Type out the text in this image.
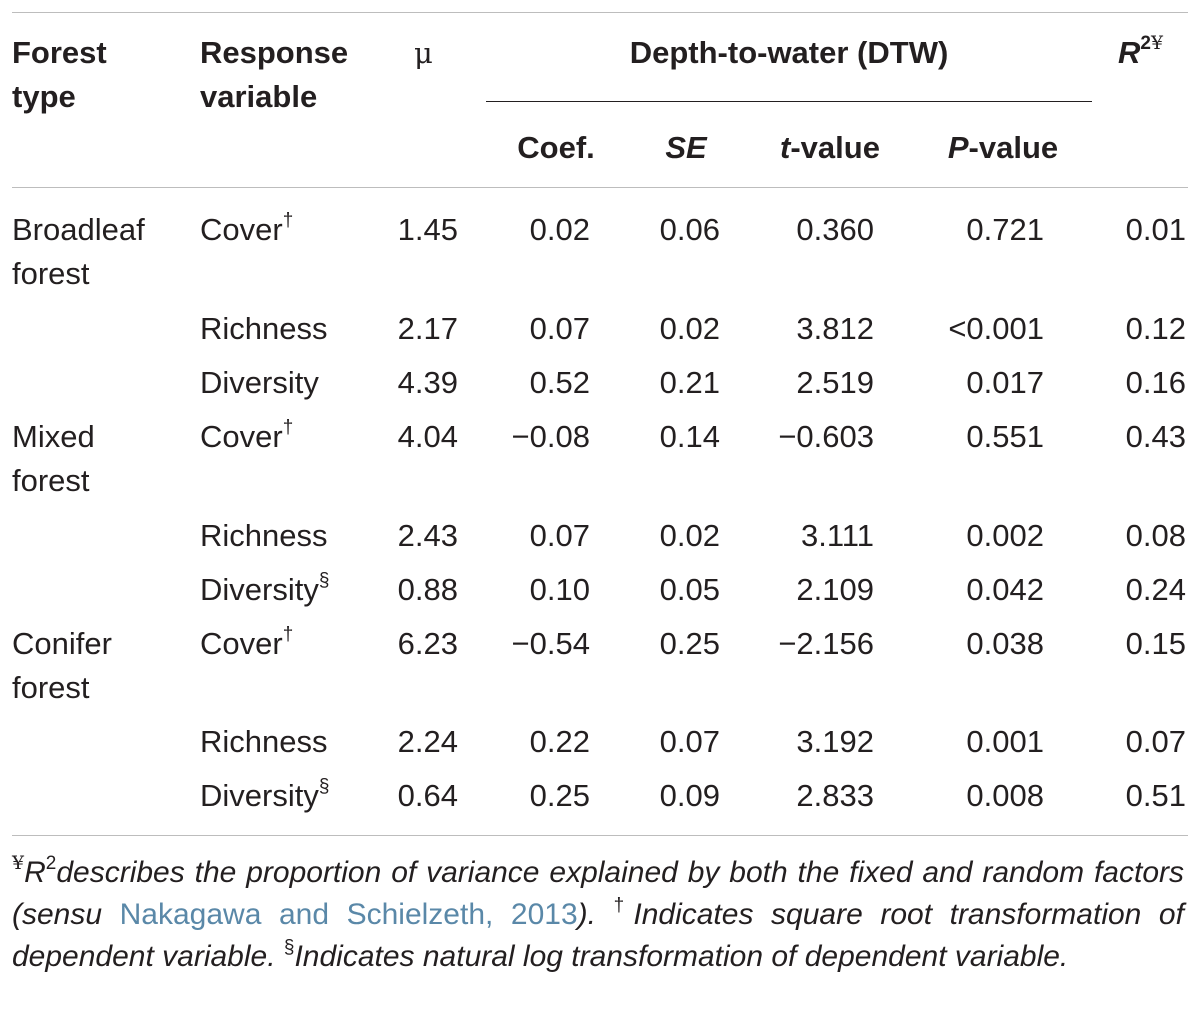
Forest
type
Response
variable
μ	Depth-to-water (DTW)
Coef.	SE	t-value	P-value
$R^{2¥}$
Broadleaf
forest
Cover†	1.45	0.02	0.06	0.360	0.721	0.01
Richness	2.17	0.07	0.02	3.812	<0.001	0.12
Diversity	4.39	0.52	0.21	2.519	0.017	0.16
Mixed
forest
Cover†	4.04	−0.08	0.14	−0.603	0.551	0.43
Richness	2.43	0.07	0.02	3.111	0.002	0.08
Diversity§	0.88	0.10	0.05	2.109	0.042	0.24
Conifer
forest
Cover†	6.23	−0.54	0.25	−2.156	0.038	0.15
Richness	2.24	0.22	0.07	3.192	0.001	0.07
Diversity§	0.64	0.25	0.09	2.833	0.008	0.51
$^¥R^2describes$ the proportion of variance explained by both the fixed and random factors (sensu Nakagawa and Schielzeth, 2013). †Indicates square root transformation of dependent variable. §Indicates natural log transformation of dependent variable.
